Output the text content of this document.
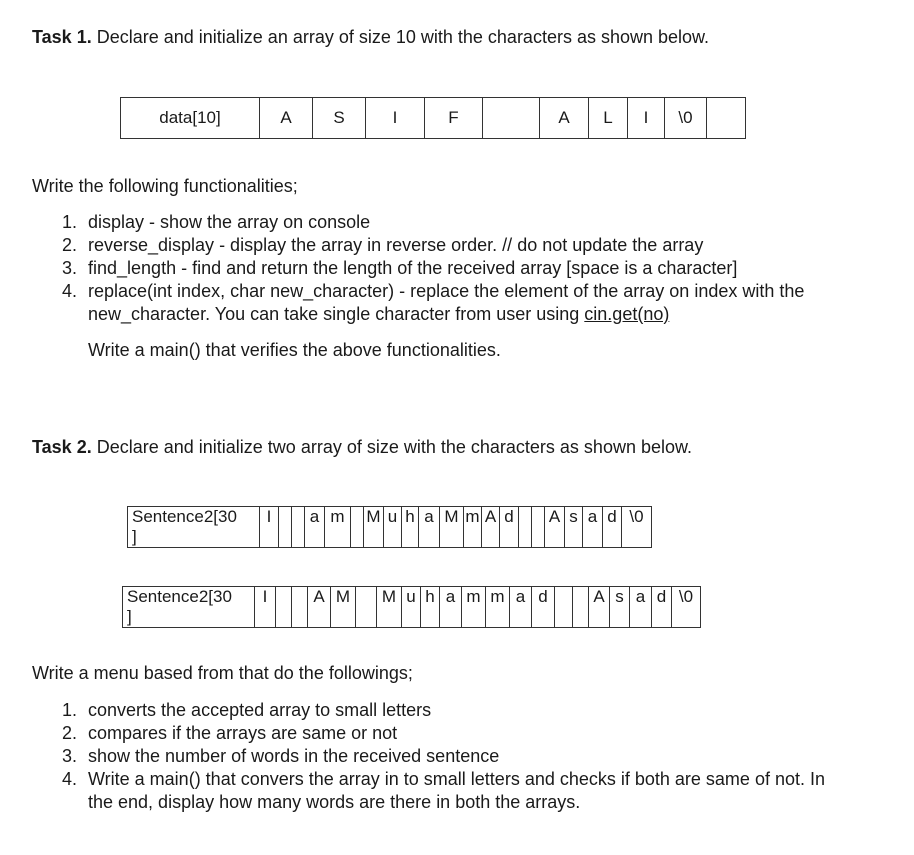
Task 1. Declare and initialize an array of size 10 with the characters as shown below.
data[10]	A	S	I	F		A	L	I	\0	
Write the following functionalities;
1. display - show the array on console
2. reverse_display - display the array in reverse order. // do not update the array
3. find_length - find and return the length of the received array [space is a character]
4. replace(int index, char new_character) - replace the element of the array on index with the
new_character. You can take single character from user using cin.get(no)
Write a main() that verifies the above functionalities.
Task 2. Declare and initialize two array of size with the characters as shown below.
Sentence2[30
]	I			a	m		M	u	h	a	M	m	A	d			A	s	a	d	\0
Sentence2[30
]	I			A	M		M	u	h	a	m	m	a	d			A	s	a	d	\0
Write a menu based from that do the followings;
1. converts the accepted array to small letters
2. compares if the arrays are same or not
3. show the number of words in the received sentence
4. Write a main() that convers the array in to small letters and checks if both are same of not. In
the end, display how many words are there in both the arrays.
